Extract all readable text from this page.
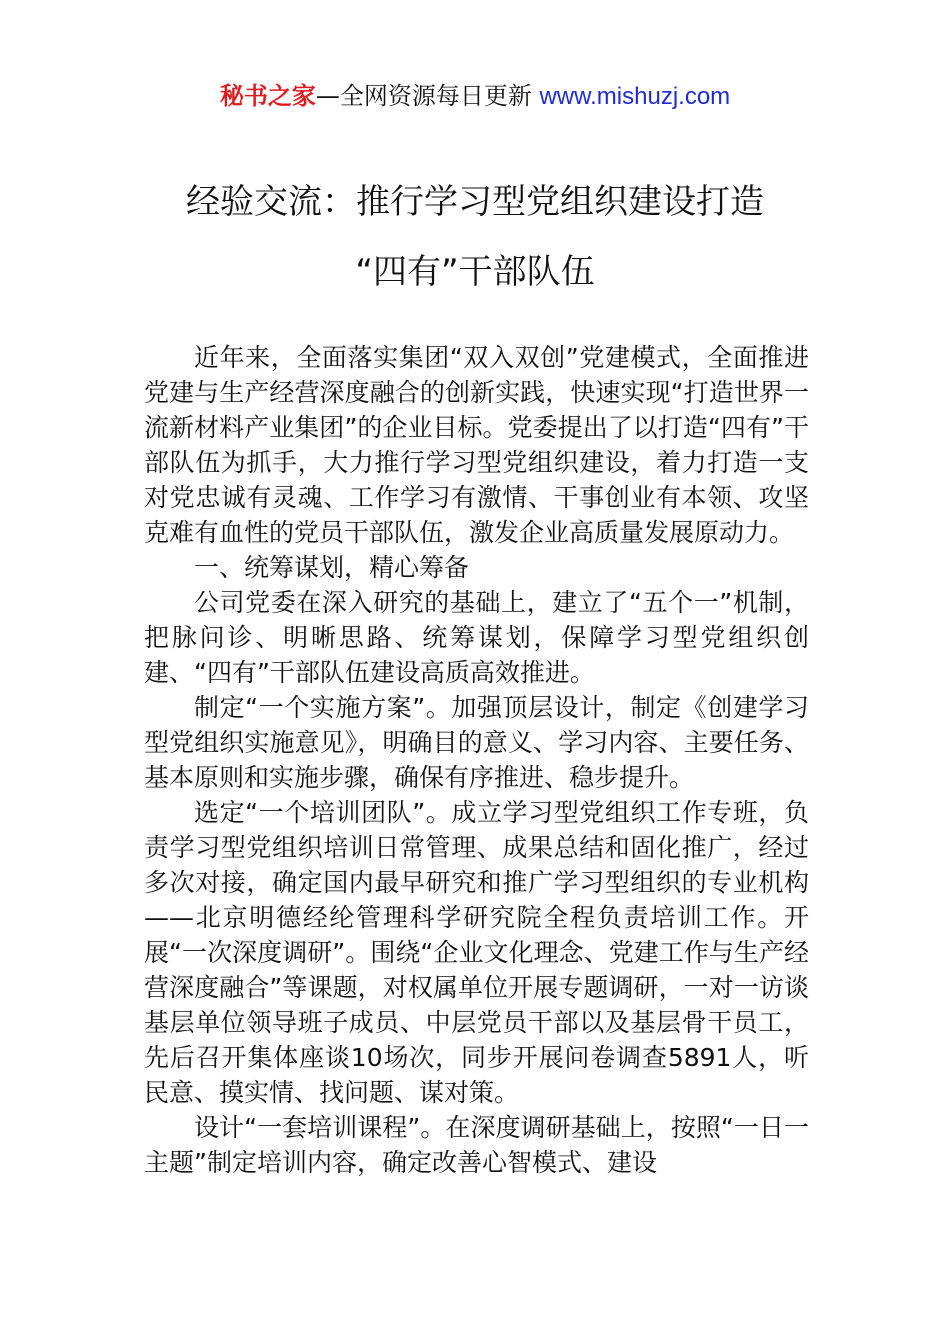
秘书之家—全网资源每日更新 www.mishuzj.com
经验交流：推行学习型党组织建设打造
“四有”干部队伍

近年来，全面落实集团“双入双创”党建模式，全面推进党建与生产经营深度融合的创新实践，快速实现“打造世界一流新材料产业集团”的企业目标。党委提出了以打造“四有”干部队伍为抓手，大力推行学习型党组织建设，着力打造一支对党忠诚有灵魂、工作学习有激情、干事创业有本领、攻坚克难有血性的党员干部队伍，激发企业高质量发展原动力。

一、统筹谋划，精心筹备

公司党委在深入研究的基础上，建立了“五个一”机制，把脉问诊、明晰思路、统筹谋划，保障学习型党组织创建、“四有”干部队伍建设高质高效推进。

制定“一个实施方案”。加强顶层设计，制定《创建学习型党组织实施意见》，明确目的意义、学习内容、主要任务、基本原则和实施步骤，确保有序推进、稳步提升。

选定“一个培训团队”。成立学习型党组织工作专班，负责学习型党组织培训日常管理、成果总结和固化推广，经过多次对接，确定国内最早研究和推广学习型组织的专业机构——北京明德经纶管理科学研究院全程负责培训工作。开展“一次深度调研”。围绕“企业文化理念、党建工作与生产经营深度融合”等课题，对权属单位开展专题调研，一对一访谈基层单位领导班子成员、中层党员干部以及基层骨干员工，先后召开集体座谈10场次，同步开展问卷调查5891人，听民意、摸实情、找问题、谋对策。

设计“一套培训课程”。在深度调研基础上，按照“一日一主题”制定培训内容，确定改善心智模式、建设
